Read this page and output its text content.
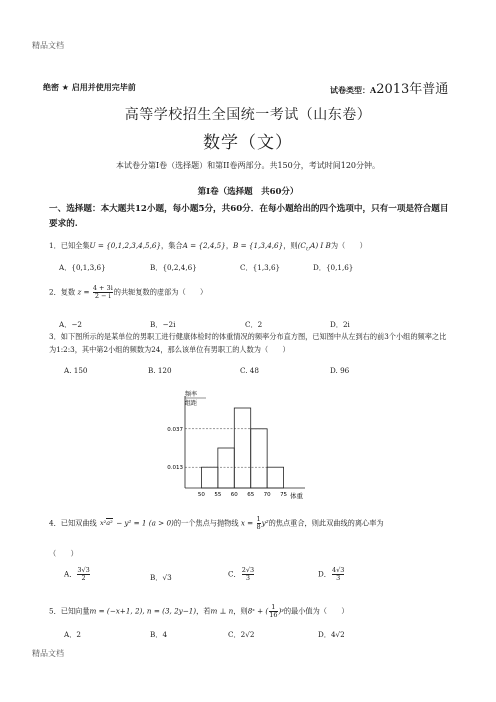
精品文档
绝密 ★ 启用并使用完毕前	试卷类型：A2013年普通
高等学校招生全国统一考试（山东卷）
数学（文）
本试卷分第I卷（选择题）和第II卷两部分。共150分，考试时间120分钟。
第I卷（选择题　共60分）
一、选择题：本大题共12小题，每小题5分，共60分．在每小题给出的四个选项中，只有一项是符合题目要求的.
1．已知全集U = {0,1,2,3,4,5,6}，集合A = {2,4,5}，B = {1,3,4,6}，则$(C_UA)$ I B为（　　）
A．{0,1,3,6}	B．{0,2,4,6}	C．{1,3,6}	D．{0,1,6}
2．复数 $z = \frac{4 + 3i}{2 - i}$ 的共轭复数的虚部为（　　）
A．−2	B．−2i	C．2	D．2i
3．如下图所示的是某单位的男职工进行健康体检时的体重情况的频率分布直方图，已知图中从左到右的前3个小组的频率之比为1:2:3，其中第2小组的频数为24，那么该单位有男职工的人数为（　　）
A. 150	B. 120	C. 48	D. 96
0.037
0.013
50 55 60 65 70 75
频率
组距
体重
4．已知双曲线 x²a² − y² = 1 (a > 0)的一个焦点与抛物线 $x = \frac{1}{8} y^2$的焦点重合，则此双曲线的离心率为
（　　）
A． $\frac{3√3}{2}$	B．√3	C． $\frac{2√3}{3}$	D． $\frac{4√3}{3}$
5．已知向量m = (−x+1, 2), n = (3, 2y−1)，若m ⊥ n，则8ˣ + ( $\frac{1}{16}$ )ʸ的最小值为（　　）
A．2	B．4	C．2√2	D．4√2
精品文档
